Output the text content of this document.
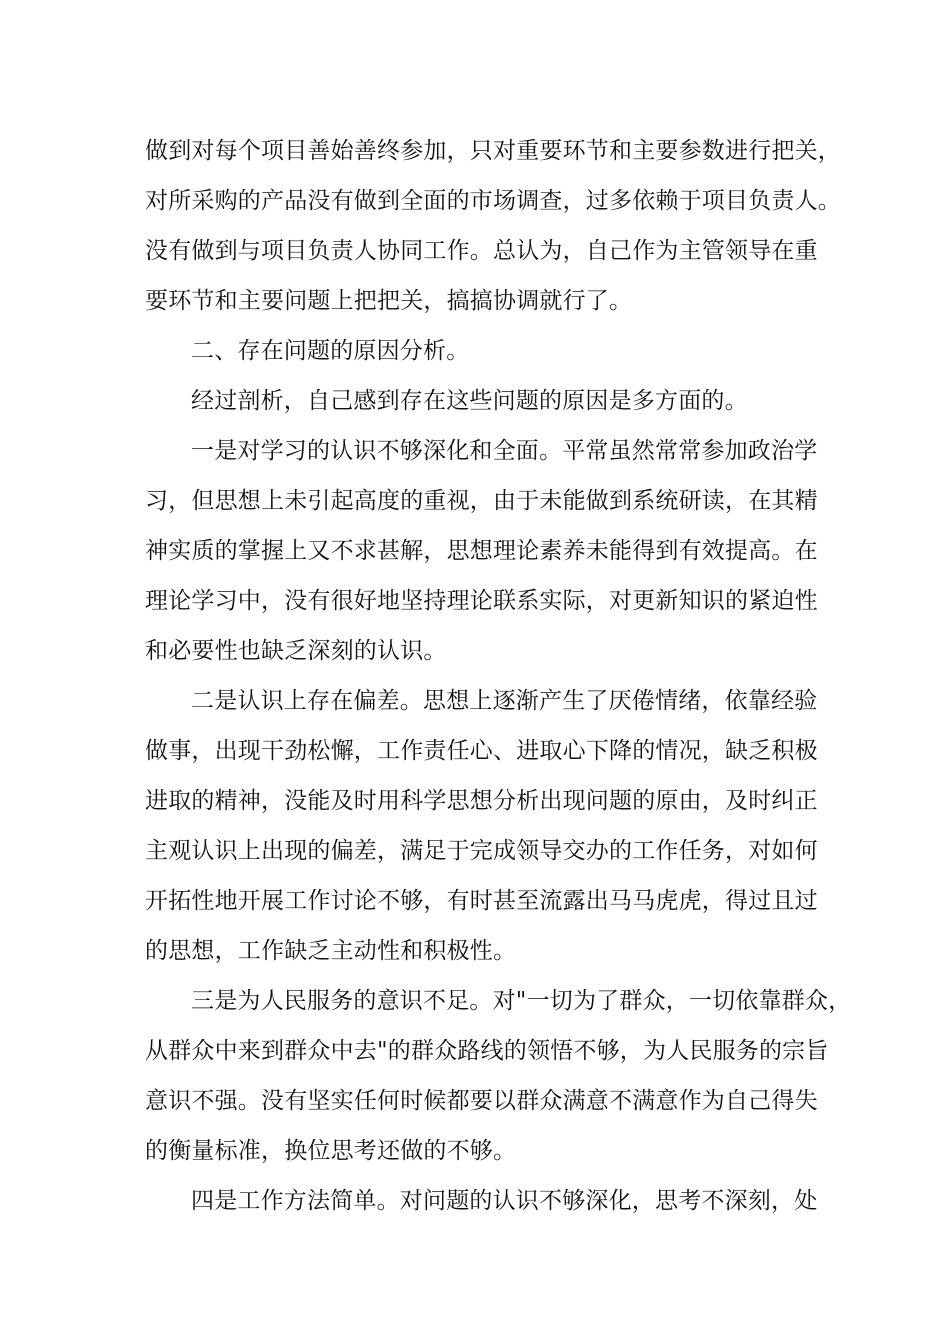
做到对每个项目善始善终参加，只对重要环节和主要参数进行把关，
对所采购的产品没有做到全面的市场调查，过多依赖于项目负责人。
没有做到与项目负责人协同工作。总认为，自己作为主管领导在重
要环节和主要问题上把把关，搞搞协调就行了。
二、存在问题的原因分析。
经过剖析，自己感到存在这些问题的原因是多方面的。
一是对学习的认识不够深化和全面。平常虽然常常参加政治学
习，但思想上未引起高度的重视，由于未能做到系统研读，在其精
神实质的掌握上又不求甚解，思想理论素养未能得到有效提高。在
理论学习中，没有很好地坚持理论联系实际，对更新知识的紧迫性
和必要性也缺乏深刻的认识。
二是认识上存在偏差。思想上逐渐产生了厌倦情绪，依靠经验
做事，出现干劲松懈，工作责任心、进取心下降的情况，缺乏积极
进取的精神，没能及时用科学思想分析出现问题的原由，及时纠正
主观认识上出现的偏差，满足于完成领导交办的工作任务，对如何
开拓性地开展工作讨论不够，有时甚至流露出马马虎虎，得过且过
的思想，工作缺乏主动性和积极性。
三是为人民服务的意识不足。对"一切为了群众，一切依靠群众，
从群众中来到群众中去"的群众路线的领悟不够，为人民服务的宗旨
意识不强。没有坚实任何时候都要以群众满意不满意作为自己得失
的衡量标准，换位思考还做的不够。
四是工作方法简单。对问题的认识不够深化，思考不深刻，处
